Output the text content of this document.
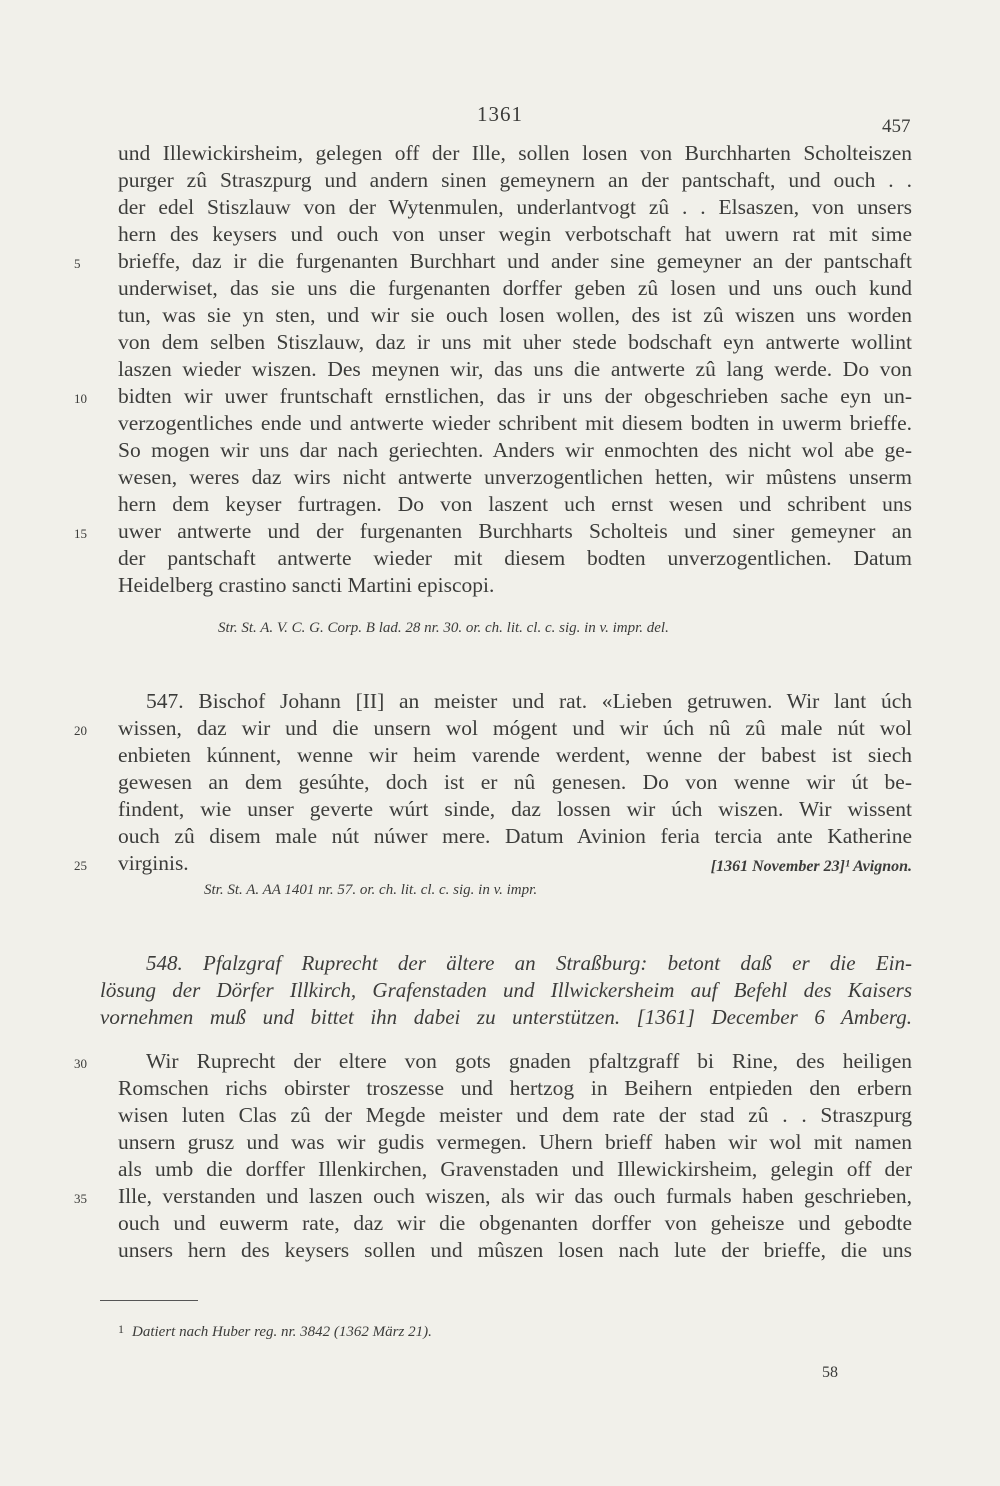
1361
457
und Illewickirsheim, gelegen off der Ille, sollen losen von Burchharten Scholteiszen
purger zû Straszpurg und andern sinen gemeynern an der pantschaft, und ouch . .
der edel Stiszlauw von der Wytenmulen, underlantvogt zû . . Elsaszen, von unsers
hern des keysers und ouch von unser wegin verbotschaft hat uwern rat mit sime
brieffe, daz ir die furgenanten Burchhart und ander sine gemeyner an der pantschaft
underwiset, das sie uns die furgenanten dorffer geben zû losen und uns ouch kund
tun, was sie yn sten, und wir sie ouch losen wollen, des ist zû wiszen uns worden
von dem selben Stiszlauw, daz ir uns mit uher stede bodschaft eyn antwerte wollint
laszen wieder wiszen. Des meynen wir, das uns die antwerte zû lang werde. Do von
bidten wir uwer fruntschaft ernstlichen, das ir uns der obgeschrieben sache eyn un-
verzogentliches ende und antwerte wieder schribent mit diesem bodten in uwerm brieffe.
So mogen wir uns dar nach geriechten. Anders wir enmochten des nicht wol abe ge-
wesen, weres daz wirs nicht antwerte unverzogentlichen hetten, wir mûstens unserm
hern dem keyser furtragen. Do von laszent uch ernst wesen und schribent uns
uwer antwerte und der furgenanten Burchharts Scholteis und siner gemeyner an
der pantschaft antwerte wieder mit diesem bodten unverzogentlichen. Datum
Heidelberg crastino sancti Martini episcopi.
Str. St. A. V. C. G. Corp. B lad. 28 nr. 30. or. ch. lit. cl. c. sig. in v. impr. del.
547. Bischof Johann [II] an meister und rat. «Lieben getruwen. Wir lant úch
wissen, daz wir und die unsern wol mógent und wir úch nû zû male nút wol
enbieten kúnnent, wenne wir heim varende werdent, wenne der babest ist siech
gewesen an dem gesúhte, doch ist er nû genesen. Do von wenne wir út be-
findent, wie unser geverte wúrt sinde, daz lossen wir úch wiszen. Wir wissent
ouch zû disem male nút núwer mere. Datum Avinion feria tercia ante Katherine
virginis.	[1361 November 23]¹ Avignon.
Str. St. A. AA 1401 nr. 57. or. ch. lit. cl. c. sig. in v. impr.
548. Pfalzgraf Ruprecht der ältere an Straßburg: betont daß er die Ein-
lösung der Dörfer Illkirch, Grafenstaden und Illwickersheim auf Befehl des Kaisers
vornehmen muß und bittet ihn dabei zu unterstützen. [1361] December 6 Amberg.
Wir Ruprecht der eltere von gots gnaden pfaltzgraff bi Rine, des heiligen
Romschen richs obirster troszesse und hertzog in Beihern entpieden den erbern
wisen luten Clas zû der Megde meister und dem rate der stad zû . . Straszpurg
unsern grusz und was wir gudis vermegen. Uhern brieff haben wir wol mit namen
als umb die dorffer Illenkirchen, Gravenstaden und Illewickirsheim, gelegin off der
Ille, verstanden und laszen ouch wiszen, als wir das ouch furmals haben geschrieben,
ouch und euwerm rate, daz wir die obgenanten dorffer von geheisze und gebodte
unsers hern des keysers sollen und mûszen losen nach lute der brieffe, die uns
5
10
15
20
25
30
35
1 Datiert nach Huber reg. nr. 3842 (1362 März 21).
58
